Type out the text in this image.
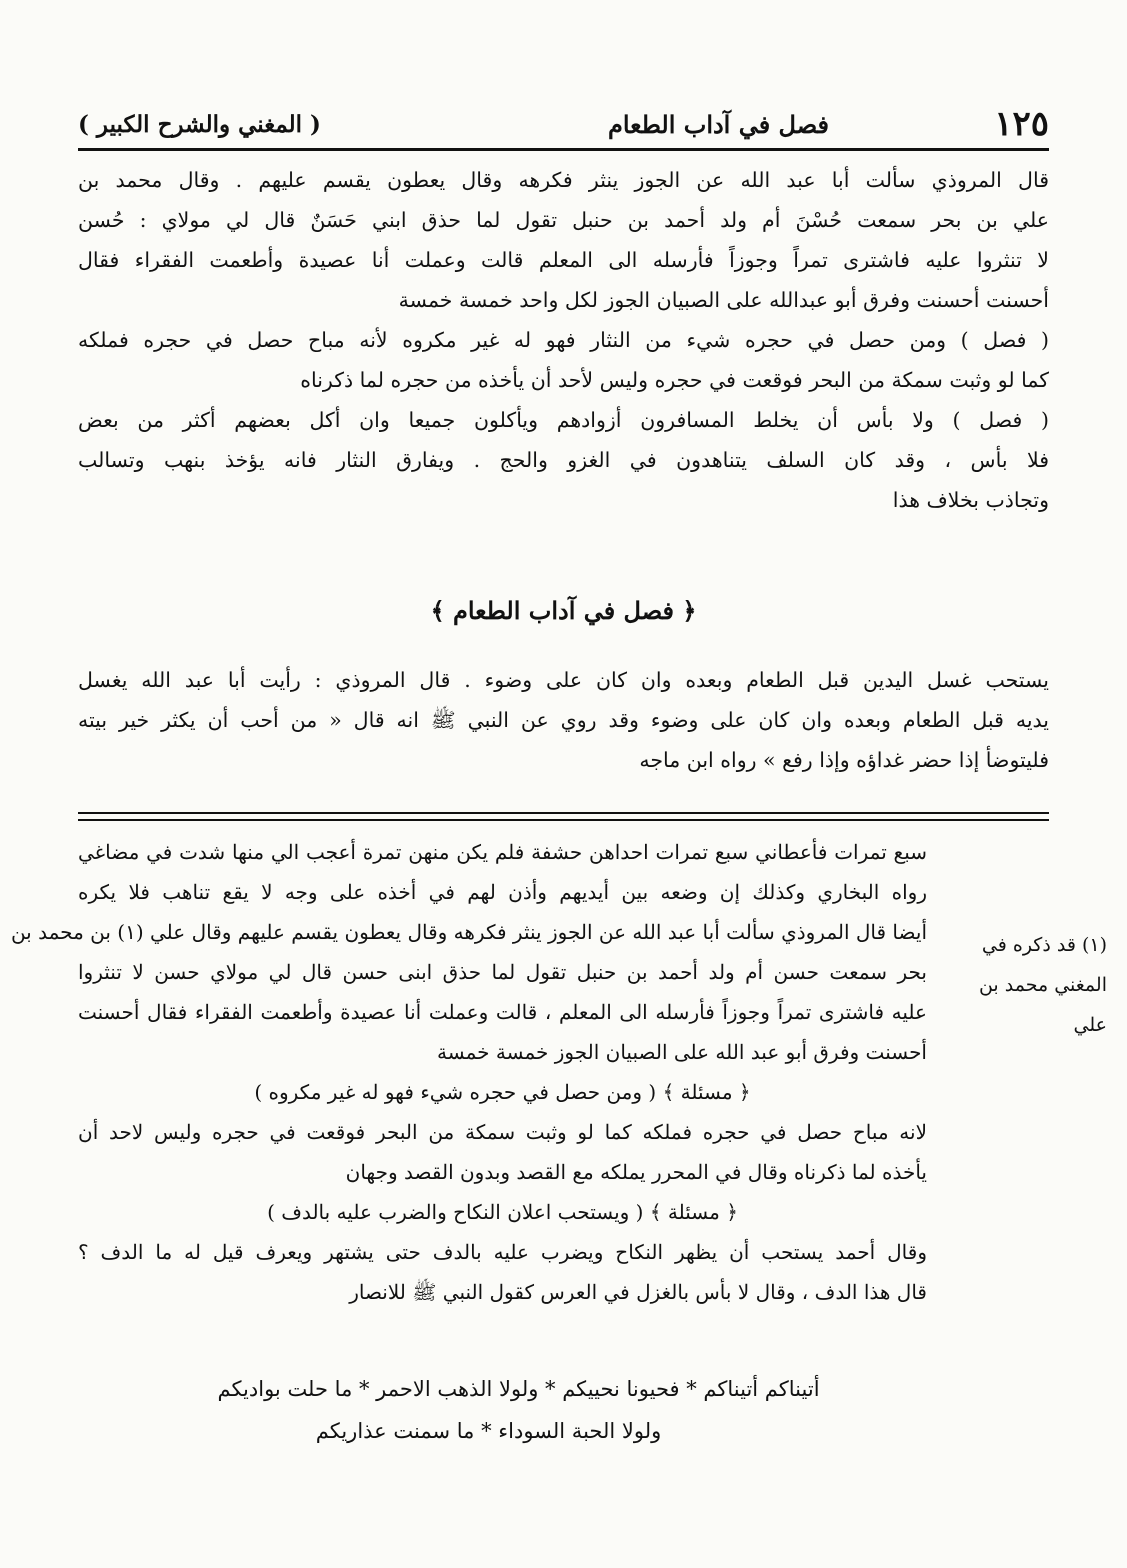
١٢٥
فصل في آداب الطعام
( المغني والشرح الكبير )
قال المروذي سألت أبا عبد الله عن الجوز ينثر فكرهه وقال يعطون يقسم عليهم . وقال محمد بن
علي بن بحر سمعت حُسْنَ أم ولد أحمد بن حنبل تقول لما حذق ابني حَسَنٌ قال لي مولاي : حُسن
لا تنثروا عليه فاشترى تمراً وجوزاً فأرسله الى المعلم قالت وعملت أنا عصيدة وأطعمت الفقراء فقال
أحسنت أحسنت وفرق أبو عبدالله على الصبيان الجوز لكل واحد خمسة خمسة
( فصل ) ومن حصل في حجره شيء من النثار فهو له غير مكروه لأنه مباح حصل في حجره فملكه
كما لو وثبت سمكة من البحر فوقعت في حجره وليس لأحد أن يأخذه من حجره لما ذكرناه
( فصل ) ولا بأس أن يخلط المسافرون أزوادهم ويأكلون جميعا وان أكل بعضهم أكثر من بعض
فلا بأس ، وقد كان السلف يتناهدون في الغزو والحج . ويفارق النثار فانه يؤخذ بنهب وتسالب
وتجاذب بخلاف هذا
﴿ فصل في آداب الطعام ﴾
يستحب غسل اليدين قبل الطعام وبعده وان كان على وضوء . قال المروذي : رأيت أبا عبد الله يغسل
يديه قبل الطعام وبعده وان كان على وضوء وقد روي عن النبي ﷺ انه قال « من أحب أن يكثر خير بيته
فليتوضأ إذا حضر غداؤه وإذا رفع » رواه ابن ماجه
سبع تمرات فأعطاني سبع تمرات احداهن حشفة فلم يكن منهن تمرة أعجب الي منها شدت في مضاغي
رواه البخاري وكذلك إن وضعه بين أيديهم وأذن لهم في أخذه على وجه لا يقع تناهب فلا يكره
أيضا قال المروذي سألت أبا عبد الله عن الجوز ينثر فكرهه وقال يعطون يقسم عليهم وقال علي (١) بن محمد بن
بحر سمعت حسن أم ولد أحمد بن حنبل تقول لما حذق ابنى حسن قال لي مولاي حسن لا تنثروا
عليه فاشترى تمراً وجوزاً فأرسله الى المعلم ، قالت وعملت أنا عصيدة وأطعمت الفقراء فقال أحسنت
أحسنت وفرق أبو عبد الله على الصبيان الجوز خمسة خمسة
﴿ مسئلة ﴾ ( ومن حصل في حجره شيء فهو له غير مكروه )
لانه مباح حصل في حجره فملكه كما لو وثبت سمكة من البحر فوقعت في حجره وليس لاحد أن
يأخذه لما ذكرناه وقال في المحرر يملكه مع القصد وبدون القصد وجهان
﴿ مسئلة ﴾ ( ويستحب اعلان النكاح والضرب عليه بالدف )
وقال أحمد يستحب أن يظهر النكاح ويضرب عليه بالدف حتى يشتهر ويعرف قيل له ما الدف ؟
قال هذا الدف ، وقال لا بأس بالغزل في العرس كقول النبي ﷺ للانصار
(١) قد ذكره في المغني محمد بن علي
أتيناكم أتيناكم * فحيونا نحييكم * ولولا الذهب الاحمر * ما حلت بواديكم
ولولا الحبة السوداء * ما سمنت عذاريكم
